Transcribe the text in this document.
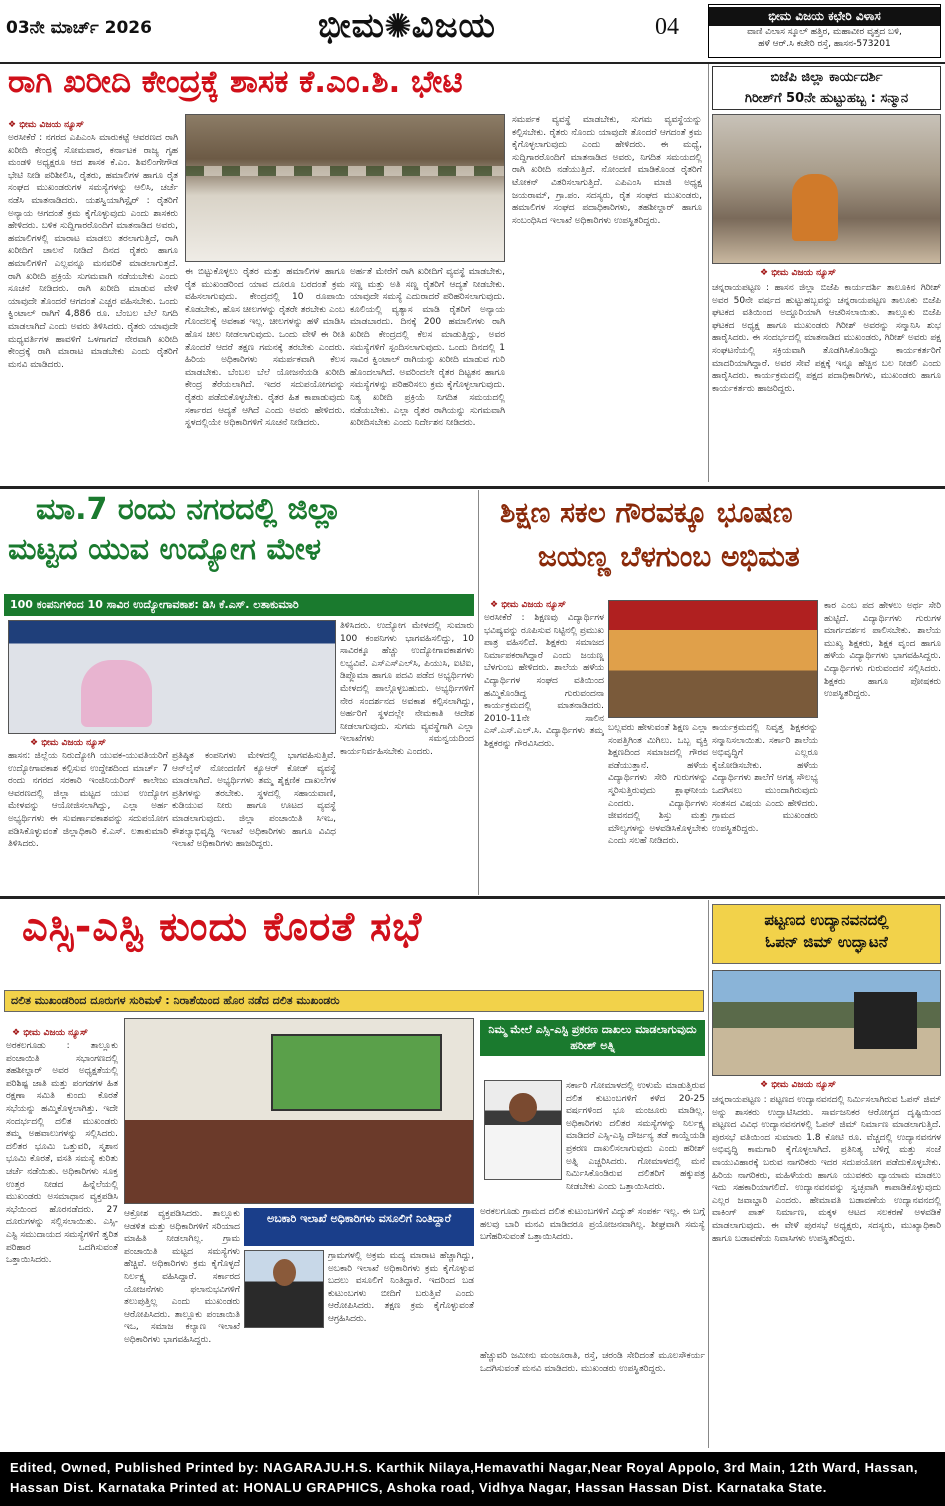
03ನೇ ಮಾರ್ಚ್ 2026	ಭೀಮ✺ವಿಜಯ	04	ಭೀಮ ವಿಜಯ ಕಛೇರಿ ವಿಳಾಸ
ವಾಣಿ ವಿಲಾಸ ಸ್ಕೂಲ್ ಹತ್ತಿರ, ಮಹಾವೀರ ವೃತ್ತದ ಬಳಿ,
ಹಳೆ ಆರ್.ಸಿ ಕಚೇರಿ ರಸ್ತೆ, ಹಾಸನ-573201
ರಾಗಿ ಖರೀದಿ ಕೇಂದ್ರಕ್ಕೆ ಶಾಸಕ ಕೆ.ಎಂ.ಶಿ. ಭೇಟಿ
❖ ಭೀಮ ವಿಜಯ ನ್ಯೂಸ್
ಅರಸೀಕೆರೆ : ನಗರದ ಎಪಿಎಂಸಿ ಮಾರುಕಟ್ಟೆ ಆವರಣದ ರಾಗಿ ಖರೀದಿ ಕೇಂದ್ರಕ್ಕೆ ಸೋಮವಾರ, ಕರ್ನಾಟಕ ರಾಜ್ಯ ಗೃಹ ಮಂಡಳಿ ಅಧ್ಯಕ್ಷರೂ ಆದ ಶಾಸಕ ಕೆ.ಎಂ. ಶಿವಲಿಂಗೇಗೌಡ ಭೇಟಿ ನೀಡಿ ಪರಿಶೀಲಿಸಿ, ರೈತರು, ಹಮಾಲಿಗಳ ಹಾಗೂ ರೈತ ಸಂಘದ ಮುಖಂಡರುಗಳ ಸಮಸ್ಯೆಗಳನ್ನು ಆಲಿಸಿ, ಚರ್ಚೆ ನಡೆಸಿ ಮಾತನಾಡಿದರು. ಯಶಸ್ವಿಯಾಗಿಸ್ಪೈರ್ : ರೈತರಿಗೆ ಅನ್ಯಾಯ ಆಗದಂತೆ ಕ್ರಮ ಕೈಗೊಳ್ಳುವುದು ಎಂದು ಶಾಸಕರು ಹೇಳಿದರು. ಬಳಿಕ ಸುದ್ದಿಗಾರರೊಂದಿಗೆ ಮಾತನಾಡಿದ ಅವರು, ಹಮಾಲಿಗಳಲ್ಲಿ ಮಾರಾಟ ಮಾಡಲು ತರಲಾಗುತ್ತಿದೆ, ರಾಗಿ ಖರೀದಿಗೆ ಚಾಲನೆ ನೀಡಿದೆ ದಿನದ ರೈತರು ಹಾಗೂ ಹಮಾಲಿಗಳಿಗೆ ಎಲ್ಲವನ್ನೂ ಮನವರಿಕೆ ಮಾಡಲಾಗುತ್ತದೆ. ರಾಗಿ ಖರೀದಿ ಪ್ರಕ್ರಿಯೆ ಸುಗಮವಾಗಿ ನಡೆಯಬೇಕು ಎಂದು ಸೂಚನೆ ನೀಡಿದರು. ರಾಗಿ ಖರೀದಿ ಮಾಡುವ ವೇಳೆ ಯಾವುದೇ ತೊಂದರೆ ಆಗದಂತೆ ಎಚ್ಚರ ವಹಿಸಬೇಕು. ಒಂದು ಕ್ವಿಂಟಾಲ್ ರಾಗಿಗೆ 4,886 ರೂ. ಬೆಂಬಲ ಬೆಲೆ ನಿಗದಿ ಮಾಡಲಾಗಿದೆ ಎಂದು ಅವರು ತಿಳಿಸಿದರು. ರೈತರು ಯಾವುದೇ ಮಧ್ಯವರ್ತಿಗಳ ಹಾವಳಿಗೆ ಒಳಗಾಗದೆ ನೇರವಾಗಿ ಖರೀದಿ ಕೇಂದ್ರಕ್ಕೆ ರಾಗಿ ಮಾರಾಟ ಮಾಡಬೇಕು ಎಂದು ರೈತರಿಗೆ ಮನವಿ ಮಾಡಿದರು.
ಸಮರ್ಪಕ ವ್ಯವಸ್ಥೆ ಮಾಡಬೇಕು, ಸುಗಮ ವ್ಯವಸ್ಥೆಯನ್ನು ಕಲ್ಪಿಸಬೇಕು. ರೈತರು ನೊಂದು ಯಾವುದೇ ತೊಂದರೆ ಆಗದಂತೆ ಕ್ರಮ ಕೈಗೊಳ್ಳಲಾಗುವುದು ಎಂದು ಹೇಳಿದರು. ಈ ಮಧ್ಯೆ, ಸುದ್ದಿಗಾರರೊಂದಿಗೆ ಮಾತನಾಡಿದ ಅವರು, ನಿಗದಿತ ಸಮಯದಲ್ಲಿ ರಾಗಿ ಖರೀದಿ ನಡೆಯುತ್ತಿದೆ. ನೋಂದಣಿ ಮಾಡಿಕೊಂಡ ರೈತರಿಗೆ ಟೋಕನ್ ವಿತರಿಸಲಾಗುತ್ತಿದೆ. ಎಪಿಎಂಸಿ ಮಾಜಿ ಅಧ್ಯಕ್ಷ ಜಯರಾಮ್, ಗ್ರಾ.ಪಂ. ಸದಸ್ಯರು, ರೈತ ಸಂಘದ ಮುಖಂಡರು, ಹಮಾಲಿಗಳ ಸಂಘದ ಪದಾಧಿಕಾರಿಗಳು, ತಹಶೀಲ್ದಾರ್ ಹಾಗೂ ಸಂಬಂಧಿಸಿದ ಇಲಾಖೆ ಅಧಿಕಾರಿಗಳು ಉಪಸ್ಥಿತರಿದ್ದರು.
ಈ ಬಿಟ್ಟುಕೊಳ್ಳಲು ರೈತರ ಮತ್ತು ಹಮಾಲಿಗಳ ಹಾಗೂ ರೈತ ಮುಖಂಡರಿಂದ ಯಾವ ದೂರೂ ಬರದಂತೆ ಕ್ರಮ ವಹಿಸಲಾಗುವುದು. ಕೇಂದ್ರದಲ್ಲಿ 10 ರೂಪಾಯಿ ಕೊಡಬೇಕು, ಹೊಸ ಚೀಲಗಳನ್ನು ರೈತರೇ ತರಬೇಕು ಎಂಬ ಗೊಂದಲಕ್ಕೆ ಅವಕಾಶ ಇಲ್ಲ. ಚೀಲಗಳನ್ನು ಹಳೆ ಮಾಡಿಸಿ ಹೊಸ ಚೀಲ ನೀಡಲಾಗುವುದು. ಒಂದು ವೇಳೆ ಈ ರೀತಿ ತೊಂದರೆ ಆದರೆ ತಕ್ಷಣ ಗಮನಕ್ಕೆ ತರಬೇಕು ಎಂದರು. ಹಿರಿಯ ಅಧಿಕಾರಿಗಳು ಸಮರ್ಪಕವಾಗಿ ಕೆಲಸ ಮಾಡಬೇಕು. ಬೆಂಬಲ ಬೆಲೆ ಯೋಜನೆಯಡಿ ಖರೀದಿ ಕೇಂದ್ರ ತೆರೆಯಲಾಗಿದೆ. ಇದರ ಸದುಪಯೋಗವನ್ನು ರೈತರು ಪಡೆದುಕೊಳ್ಳಬೇಕು. ರೈತರ ಹಿತ ಕಾಪಾಡುವುದು ಸರ್ಕಾರದ ಆದ್ಯತೆ ಆಗಿದೆ ಎಂದು ಅವರು ಹೇಳಿದರು. ಸ್ಥಳದಲ್ಲಿಯೇ ಅಧಿಕಾರಿಗಳಿಗೆ ಸೂಚನೆ ನೀಡಿದರು.
ಅರ್ಹತೆ ಮೇರೆಗೆ ರಾಗಿ ಖರೀದಿಗೆ ವ್ಯವಸ್ಥೆ ಮಾಡಬೇಕು, ಸಣ್ಣ ಮತ್ತು ಅತಿ ಸಣ್ಣ ರೈತರಿಗೆ ಆದ್ಯತೆ ನೀಡಬೇಕು. ಯಾವುದೇ ಸಮಸ್ಯೆ ಎದುರಾದರೆ ಪರಿಹರಿಸಲಾಗುವುದು. ಕೂಲಿಯಲ್ಲಿ ವ್ಯತ್ಯಾಸ ಮಾಡಿ ರೈತರಿಗೆ ಅನ್ಯಾಯ ಮಾಡಬಾರದು. ದಿನಕ್ಕೆ 200 ಹಮಾಲಿಗಳು ರಾಗಿ ಖರೀದಿ ಕೇಂದ್ರದಲ್ಲಿ ಕೆಲಸ ಮಾಡುತ್ತಿದ್ದು, ಅವರ ಸಮಸ್ಯೆಗಳಿಗೆ ಸ್ಪಂದಿಸಲಾಗುವುದು. ಒಂದು ದಿನದಲ್ಲಿ 1 ಸಾವಿರ ಕ್ವಿಂಟಾಲ್ ರಾಗಿಯನ್ನು ಖರೀದಿ ಮಾಡುವ ಗುರಿ ಹೊಂದಲಾಗಿದೆ. ಅವರಿಂದಲೇ ರೈತರ ದಿಟ್ಟತನ ಹಾಗೂ ಸಮಸ್ಯೆಗಳನ್ನು ಪರಿಹರಿಸಲು ಕ್ರಮ ಕೈಗೊಳ್ಳಲಾಗುವುದು. ನಿತ್ಯ ಖರೀದಿ ಪ್ರಕ್ರಿಯೆ ನಿಗದಿತ ಸಮಯದಲ್ಲಿ ನಡೆಯಬೇಕು. ಎಲ್ಲಾ ರೈತರ ರಾಗಿಯನ್ನು ಸುಗಮವಾಗಿ ಖರೀದಿಸಬೇಕು ಎಂದು ನಿರ್ದೇಶನ ನೀಡಿದರು.
ಬಿಜೆಪಿ ಜಿಲ್ಲಾ ಕಾರ್ಯದರ್ಶಿ
ಗಿರೀಶ್‌ಗೆ 50ನೇ ಹುಟ್ಟುಹಬ್ಬ : ಸನ್ಮಾನ
❖ ಭೀಮ ವಿಜಯ ನ್ಯೂಸ್
ಚನ್ನರಾಯಪಟ್ಟಣ : ಹಾಸನ ಜಿಲ್ಲಾ ಬಿಜೆಪಿ ಕಾರ್ಯದರ್ಶಿ ತಾಲೂಕಿನ ಗಿರೀಶ್ ಅವರ 50ನೇ ವರ್ಷದ ಹುಟ್ಟುಹಬ್ಬವನ್ನು ಚನ್ನರಾಯಪಟ್ಟಣ ತಾಲೂಕು ಬಿಜೆಪಿ ಘಟಕದ ವತಿಯಿಂದ ಅದ್ದೂರಿಯಾಗಿ ಆಚರಿಸಲಾಯಿತು. ತಾಲ್ಲೂಕು ಬಿಜೆಪಿ ಘಟಕದ ಅಧ್ಯಕ್ಷ ಹಾಗೂ ಮುಖಂಡರು ಗಿರೀಶ್ ಅವರನ್ನು ಸನ್ಮಾನಿಸಿ ಶುಭ ಹಾರೈಸಿದರು. ಈ ಸಂದರ್ಭದಲ್ಲಿ ಮಾತನಾಡಿದ ಮುಖಂಡರು, ಗಿರೀಶ್ ಅವರು ಪಕ್ಷ ಸಂಘಟನೆಯಲ್ಲಿ ಸಕ್ರಿಯವಾಗಿ ತೊಡಗಿಸಿಕೊಂಡಿದ್ದು ಕಾರ್ಯಕರ್ತರಿಗೆ ಮಾದರಿಯಾಗಿದ್ದಾರೆ. ಅವರ ಸೇವೆ ಪಕ್ಷಕ್ಕೆ ಇನ್ನೂ ಹೆಚ್ಚಿನ ಬಲ ನೀಡಲಿ ಎಂದು ಹಾರೈಸಿದರು. ಕಾರ್ಯಕ್ರಮದಲ್ಲಿ ಪಕ್ಷದ ಪದಾಧಿಕಾರಿಗಳು, ಮುಖಂಡರು ಹಾಗೂ ಕಾರ್ಯಕರ್ತರು ಹಾಜರಿದ್ದರು.
ಮಾ.7 ರಂದು ನಗರದಲ್ಲಿ ಜಿಲ್ಲಾ
ಮಟ್ಟದ ಯುವ ಉದ್ಯೋಗ ಮೇಳ
100 ಕಂಪನಿಗಳಿಂದ 10 ಸಾವಿರ ಉದ್ಯೋಗಾವಕಾಶ: ಡಿಸಿ ಕೆ.ಎಸ್. ಲತಾಕುಮಾರಿ
❖ ಭೀಮ ವಿಜಯ ನ್ಯೂಸ್
ಹಾಸನ: ಜಿಲ್ಲೆಯ ನಿರುದ್ಯೋಗಿ ಯುವಕ-ಯುವತಿಯರಿಗೆ ಉದ್ಯೋಗಾವಕಾಶ ಕಲ್ಪಿಸುವ ಉದ್ದೇಶದಿಂದ ಮಾರ್ಚ್ 7 ರಂದು ನಗರದ ಸರಕಾರಿ ಇಂಜಿನಿಯರಿಂಗ್ ಕಾಲೇಜು ಆವರಣದಲ್ಲಿ ಜಿಲ್ಲಾ ಮಟ್ಟದ ಯುವ ಉದ್ಯೋಗ ಮೇಳವನ್ನು ಆಯೋಜಿಸಲಾಗಿದ್ದು, ಎಲ್ಲಾ ಅರ್ಹ ಅಭ್ಯರ್ಥಿಗಳು ಈ ಸುವರ್ಣಾವಕಾಶವನ್ನು ಸದುಪಯೋಗ ಪಡಿಸಿಕೊಳ್ಳುವಂತೆ ಜಿಲ್ಲಾಧಿಕಾರಿ ಕೆ.ಎಸ್. ಲತಾಕುಮಾರಿ ತಿಳಿಸಿದರು.
ಪ್ರತಿಷ್ಠಿತ ಕಂಪನಿಗಳು ಮೇಳದಲ್ಲಿ ಭಾಗವಹಿಸುತ್ತಿವೆ. ಆನ್‌ಲೈನ್ ನೋಂದಣಿಗೆ ಕ್ಯೂಆರ್ ಕೋಡ್ ವ್ಯವಸ್ಥೆ ಮಾಡಲಾಗಿದೆ. ಅಭ್ಯರ್ಥಿಗಳು ತಮ್ಮ ಶೈಕ್ಷಣಿಕ ದಾಖಲೆಗಳ ಪ್ರತಿಗಳನ್ನು ತರಬೇಕು. ಸ್ಥಳದಲ್ಲಿ ಸಹಾಯವಾಣಿ, ಕುಡಿಯುವ ನೀರು ಹಾಗೂ ಊಟದ ವ್ಯವಸ್ಥೆ ಮಾಡಲಾಗುವುದು. ಜಿಲ್ಲಾ ಪಂಚಾಯಿತಿ ಸಿಇಒ, ಕೌಶಲ್ಯಾಭಿವೃದ್ಧಿ ಇಲಾಖೆ ಅಧಿಕಾರಿಗಳು ಹಾಗೂ ವಿವಿಧ ಇಲಾಖೆ ಅಧಿಕಾರಿಗಳು ಹಾಜರಿದ್ದರು.
ತಿಳಿಸಿದರು. ಉದ್ಯೋಗ ಮೇಳದಲ್ಲಿ ಸುಮಾರು 100 ಕಂಪನಿಗಳು ಭಾಗವಹಿಸಲಿದ್ದು, 10 ಸಾವಿರಕ್ಕೂ ಹೆಚ್ಚು ಉದ್ಯೋಗಾವಕಾಶಗಳು ಲಭ್ಯವಿವೆ. ಎಸ್ಎಸ್ಎಲ್‌ಸಿ, ಪಿಯುಸಿ, ಐಟಿಐ, ಡಿಪ್ಲೊಮಾ ಹಾಗೂ ಪದವಿ ಪಡೆದ ಅಭ್ಯರ್ಥಿಗಳು ಮೇಳದಲ್ಲಿ ಪಾಲ್ಗೊಳ್ಳಬಹುದು. ಅಭ್ಯರ್ಥಿಗಳಿಗೆ ನೇರ ಸಂದರ್ಶನದ ಅವಕಾಶ ಕಲ್ಪಿಸಲಾಗಿದ್ದು, ಅರ್ಹರಿಗೆ ಸ್ಥಳದಲ್ಲೇ ನೇಮಕಾತಿ ಆದೇಶ ನೀಡಲಾಗುವುದು. ಸುಗಮ ವ್ಯವಸ್ಥೆಗಾಗಿ ಎಲ್ಲಾ ಇಲಾಖೆಗಳು ಸಮನ್ವಯದಿಂದ ಕಾರ್ಯನಿರ್ವಹಿಸಬೇಕು ಎಂದರು.
ಶಿಕ್ಷಣ ಸಕಲ ಗೌರವಕ್ಕೂ ಭೂಷಣ
ಜಯಣ್ಣ ಬೆಳಗುಂಬ ಅಭಿಮತ
❖ ಭೀಮ ವಿಜಯ ನ್ಯೂಸ್
ಅರಸೀಕೆರೆ : ಶಿಕ್ಷಣವು ವಿದ್ಯಾರ್ಥಿಗಳ ಭವಿಷ್ಯವನ್ನು ರೂಪಿಸುವ ನಿಟ್ಟಿನಲ್ಲಿ ಪ್ರಮುಖ ಪಾತ್ರ ವಹಿಸಲಿದೆ. ಶಿಕ್ಷಕರು ಸಮಾಜದ ನಿರ್ಮಾಪಕರಾಗಿದ್ದಾರೆ ಎಂದು ಜಯಣ್ಣ ಬೆಳಗುಂಬ ಹೇಳಿದರು. ಶಾಲೆಯ ಹಳೆಯ ವಿದ್ಯಾರ್ಥಿಗಳ ಸಂಘದ ವತಿಯಿಂದ ಹಮ್ಮಿಕೊಂಡಿದ್ದ ಗುರುವಂದನಾ ಕಾರ್ಯಕ್ರಮದಲ್ಲಿ ಮಾತನಾಡಿದರು. 2010-11ನೇ ಸಾಲಿನ ಎಸ್.ಎಸ್.ಎಲ್.ಸಿ. ವಿದ್ಯಾರ್ಥಿಗಳು ತಮ್ಮ ಶಿಕ್ಷಕರನ್ನು ಗೌರವಿಸಿದರು.
ಬಲ್ಲವರು ಹೇಳುವಂತೆ ಶಿಕ್ಷಣ ಎಲ್ಲಾ ಸಂಪತ್ತಿಗಿಂತ ಮಿಗಿಲು. ಒಬ್ಬ ವ್ಯಕ್ತಿ ಶಿಕ್ಷಣದಿಂದ ಸಮಾಜದಲ್ಲಿ ಗೌರವ ಪಡೆಯುತ್ತಾನೆ. ಹಳೆಯ ವಿದ್ಯಾರ್ಥಿಗಳು ಸೇರಿ ಗುರುಗಳನ್ನು ಸ್ಮರಿಸುತ್ತಿರುವುದು ಶ್ಲಾಘನೀಯ ಎಂದರು. ವಿದ್ಯಾರ್ಥಿಗಳು ಜೀವನದಲ್ಲಿ ಶಿಸ್ತು ಮತ್ತು ಮೌಲ್ಯಗಳನ್ನು ಅಳವಡಿಸಿಕೊಳ್ಳಬೇಕು ಎಂದು ಸಲಹೆ ನೀಡಿದರು.
ಕಾರ್ಯಕ್ರಮದಲ್ಲಿ ನಿವೃತ್ತ ಶಿಕ್ಷಕರನ್ನು ಸನ್ಮಾನಿಸಲಾಯಿತು. ಸರ್ಕಾರಿ ಶಾಲೆಯ ಅಭಿವೃದ್ಧಿಗೆ ಎಲ್ಲರೂ ಕೈಜೋಡಿಸಬೇಕು. ಹಳೆಯ ವಿದ್ಯಾರ್ಥಿಗಳು ಶಾಲೆಗೆ ಅಗತ್ಯ ಸೌಲಭ್ಯ ಒದಗಿಸಲು ಮುಂದಾಗಿರುವುದು ಸಂತಸದ ವಿಷಯ ಎಂದು ಹೇಳಿದರು. ಗ್ರಾಮದ ಮುಖಂಡರು ಉಪಸ್ಥಿತರಿದ್ದರು.
ಕಾರ ಎಂಬ ಪದ ಹೇಳಲು ಅರ್ಥ ಸೇರಿ ಹುಟ್ಟಿದೆ. ವಿದ್ಯಾರ್ಥಿಗಳು ಗುರುಗಳ ಮಾರ್ಗದರ್ಶನ ಪಾಲಿಸಬೇಕು. ಶಾಲೆಯ ಮುಖ್ಯ ಶಿಕ್ಷಕರು, ಶಿಕ್ಷಕ ವೃಂದ ಹಾಗೂ ಹಳೆಯ ವಿದ್ಯಾರ್ಥಿಗಳು ಭಾಗವಹಿಸಿದ್ದರು. ವಿದ್ಯಾರ್ಥಿಗಳು ಗುರುವಂದನೆ ಸಲ್ಲಿಸಿದರು. ಶಿಕ್ಷಕರು ಹಾಗೂ ಪೋಷಕರು ಉಪಸ್ಥಿತರಿದ್ದರು.
ಎಸ್ಸಿ-ಎಸ್ಟಿ ಕುಂದು ಕೊರತೆ ಸಭೆ
ದಲಿತ ಮುಖಂಡರಿಂದ ದೂರುಗಳ ಸುರಿಮಳೆ : ನಿರಾಶೆಯಿಂದ ಹೊರ ನಡೆದ ದಲಿತ ಮುಖಂಡರು
❖ ಭೀಮ ವಿಜಯ ನ್ಯೂಸ್
ಅರಕಲಗೂಡು : ತಾಲ್ಲೂಕು ಪಂಚಾಯಿತಿ ಸಭಾಂಗಣದಲ್ಲಿ ತಹಶೀಲ್ದಾರ್ ಅವರ ಅಧ್ಯಕ್ಷತೆಯಲ್ಲಿ ಪರಿಶಿಷ್ಟ ಜಾತಿ ಮತ್ತು ಪಂಗಡಗಳ ಹಿತ ರಕ್ಷಣಾ ಸಮಿತಿ ಕುಂದು ಕೊರತೆ ಸಭೆಯನ್ನು ಹಮ್ಮಿಕೊಳ್ಳಲಾಗಿತ್ತು. ಇದೇ ಸಂದರ್ಭದಲ್ಲಿ ದಲಿತ ಮುಖಂಡರು ತಮ್ಮ ಅಹವಾಲುಗಳನ್ನು ಸಲ್ಲಿಸಿದರು. ದಲಿತರ ಭೂಮಿ ಒತ್ತುವರಿ, ಸ್ಮಶಾನ ಭೂಮಿ ಕೊರತೆ, ವಸತಿ ಸಮಸ್ಯೆ ಕುರಿತು ಚರ್ಚೆ ನಡೆಯಿತು. ಅಧಿಕಾರಿಗಳು ಸೂಕ್ತ ಉತ್ತರ ನೀಡದ ಹಿನ್ನೆಲೆಯಲ್ಲಿ ಮುಖಂಡರು ಅಸಮಾಧಾನ ವ್ಯಕ್ತಪಡಿಸಿ ಸಭೆಯಿಂದ ಹೊರನಡೆದರು. 27 ದೂರುಗಳನ್ನು ಸಲ್ಲಿಸಲಾಯಿತು. ಎಸ್ಸಿ-ಎಸ್ಟಿ ಸಮುದಾಯದ ಸಮಸ್ಯೆಗಳಿಗೆ ತ್ವರಿತ ಪರಿಹಾರ ಒದಗಿಸುವಂತೆ ಒತ್ತಾಯಿಸಿದರು.
ಆಕ್ರೋಶ ವ್ಯಕ್ತಪಡಿಸಿದರು. ತಾಲ್ಲೂಕು ಆಡಳಿತ ಮತ್ತು ಅಧಿಕಾರಿಗಳಿಗೆ ಸರಿಯಾದ ಮಾಹಿತಿ ನೀಡಲಾಗಿಲ್ಲ. ಗ್ರಾಮ ಪಂಚಾಯಿತಿ ಮಟ್ಟದ ಸಮಸ್ಯೆಗಳು ಹೆಚ್ಚಿವೆ. ಅಧಿಕಾರಿಗಳು ಕ್ರಮ ಕೈಗೊಳ್ಳದೆ ನಿರ್ಲಕ್ಷ್ಯ ವಹಿಸಿದ್ದಾರೆ. ಸರ್ಕಾರದ ಯೋಜನೆಗಳು ಫಲಾನುಭವಿಗಳಿಗೆ ತಲುಪುತ್ತಿಲ್ಲ ಎಂದು ಮುಖಂಡರು ಆರೋಪಿಸಿದರು. ತಾಲ್ಲೂಕು ಪಂಚಾಯಿತಿ ಇಒ, ಸಮಾಜ ಕಲ್ಯಾಣ ಇಲಾಖೆ ಅಧಿಕಾರಿಗಳು ಭಾಗವಹಿಸಿದ್ದರು.
ನಿಮ್ಮ ಮೇಲೆ ಎಸ್ಸಿ-ಎಸ್ಟಿ ಪ್ರಕರಣ ದಾಖಲು ಮಾಡಲಾಗುವುದು ಹರೀಶ್ ಅತ್ನಿ
ಸರ್ಕಾರಿ ಗೋಮಾಳದಲ್ಲಿ ಉಳುಮೆ ಮಾಡುತ್ತಿರುವ ದಲಿತ ಕುಟುಂಬಗಳಿಗೆ ಕಳೆದ 20-25 ವರ್ಷಗಳಿಂದ ಭೂ ಮಂಜೂರು ಮಾಡಿಲ್ಲ. ಅಧಿಕಾರಿಗಳು ದಲಿತರ ಸಮಸ್ಯೆಗಳನ್ನು ನಿರ್ಲಕ್ಷ್ಯ ಮಾಡಿದರೆ ಎಸ್ಸಿ-ಎಸ್ಟಿ ದೌರ್ಜನ್ಯ ತಡೆ ಕಾಯ್ದೆಯಡಿ ಪ್ರಕರಣ ದಾಖಲಿಸಲಾಗುವುದು ಎಂದು ಹರೀಶ್ ಅತ್ನಿ ಎಚ್ಚರಿಸಿದರು. ಗೋಮಾಳದಲ್ಲಿ ಮನೆ ನಿರ್ಮಿಸಿಕೊಂಡಿರುವ ದಲಿತರಿಗೆ ಹಕ್ಕುಪತ್ರ ನೀಡಬೇಕು ಎಂದು ಒತ್ತಾಯಿಸಿದರು.
ಅಬಕಾರಿ ಇಲಾಖೆ ಅಧಿಕಾರಿಗಳು ವಸೂಲಿಗೆ ನಿಂತಿದ್ದಾರೆ
ಗ್ರಾಮಗಳಲ್ಲಿ ಅಕ್ರಮ ಮದ್ಯ ಮಾರಾಟ ಹೆಚ್ಚಾಗಿದ್ದು, ಅಬಕಾರಿ ಇಲಾಖೆ ಅಧಿಕಾರಿಗಳು ಕ್ರಮ ಕೈಗೊಳ್ಳುವ ಬದಲು ವಸೂಲಿಗೆ ನಿಂತಿದ್ದಾರೆ. ಇದರಿಂದ ಬಡ ಕುಟುಂಬಗಳು ಬೀದಿಗೆ ಬರುತ್ತಿವೆ ಎಂದು ಆರೋಪಿಸಿದರು. ತಕ್ಷಣ ಕ್ರಮ ಕೈಗೊಳ್ಳುವಂತೆ ಆಗ್ರಹಿಸಿದರು.
ಅರಕಲಗೂಡು ಗ್ರಾಮದ ದಲಿತ ಕುಟುಂಬಗಳಿಗೆ ವಿದ್ಯುತ್ ಸಂಪರ್ಕ ಇಲ್ಲ. ಈ ಬಗ್ಗೆ ಹಲವು ಬಾರಿ ಮನವಿ ಮಾಡಿದರೂ ಪ್ರಯೋಜನವಾಗಿಲ್ಲ. ಶೀಘ್ರವಾಗಿ ಸಮಸ್ಯೆ ಬಗೆಹರಿಸುವಂತೆ ಒತ್ತಾಯಿಸಿದರು.
ಹೆಚ್ಚುವರಿ ಜಮೀನು ಮಂಜೂರಾತಿ, ರಸ್ತೆ, ಚರಂಡಿ ಸೇರಿದಂತೆ ಮೂಲಸೌಕರ್ಯ ಒದಗಿಸುವಂತೆ ಮನವಿ ಮಾಡಿದರು. ಮುಖಂಡರು ಉಪಸ್ಥಿತರಿದ್ದರು.
ಪಟ್ಟಣದ ಉದ್ಯಾನವನದಲ್ಲಿ
ಓಪನ್ ಜಿಮ್ ಉದ್ಘಾಟನೆ
❖ ಭೀಮ ವಿಜಯ ನ್ಯೂಸ್
ಚನ್ನರಾಯಪಟ್ಟಣ : ಪಟ್ಟಣದ ಉದ್ಯಾನವನದಲ್ಲಿ ನಿರ್ಮಿಸಲಾಗಿರುವ ಓಪನ್ ಜಿಮ್ ಅನ್ನು ಶಾಸಕರು ಉದ್ಘಾಟಿಸಿದರು. ಸಾರ್ವಜನಿಕರ ಆರೋಗ್ಯದ ದೃಷ್ಟಿಯಿಂದ ಪಟ್ಟಣದ ವಿವಿಧ ಉದ್ಯಾನವನಗಳಲ್ಲಿ ಓಪನ್ ಜಿಮ್ ನಿರ್ಮಾಣ ಮಾಡಲಾಗುತ್ತಿದೆ. ಪುರಸಭೆ ವತಿಯಿಂದ ಸುಮಾರು 1.8 ಕೋಟಿ ರೂ. ವೆಚ್ಚದಲ್ಲಿ ಉದ್ಯಾನವನಗಳ ಅಭಿವೃದ್ಧಿ ಕಾಮಗಾರಿ ಕೈಗೊಳ್ಳಲಾಗಿದೆ. ಪ್ರತಿನಿತ್ಯ ಬೆಳಿಗ್ಗೆ ಮತ್ತು ಸಂಜೆ ವಾಯುವಿಹಾರಕ್ಕೆ ಬರುವ ನಾಗರಿಕರು ಇದರ ಸದುಪಯೋಗ ಪಡೆದುಕೊಳ್ಳಬೇಕು. ಹಿರಿಯ ನಾಗರಿಕರು, ಮಹಿಳೆಯರು ಹಾಗೂ ಯುವಕರು ವ್ಯಾಯಾಮ ಮಾಡಲು ಇದು ಸಹಕಾರಿಯಾಗಲಿದೆ. ಉದ್ಯಾನವನವನ್ನು ಸ್ವಚ್ಛವಾಗಿ ಕಾಪಾಡಿಕೊಳ್ಳುವುದು ಎಲ್ಲರ ಜವಾಬ್ದಾರಿ ಎಂದರು. ಹೇಮಾವತಿ ಬಡಾವಣೆಯ ಉದ್ಯಾನವನದಲ್ಲಿ ವಾಕಿಂಗ್ ಪಾತ್ ನಿರ್ಮಾಣ, ಮಕ್ಕಳ ಆಟದ ಸಲಕರಣೆ ಅಳವಡಿಕೆ ಮಾಡಲಾಗುವುದು. ಈ ವೇಳೆ ಪುರಸಭೆ ಅಧ್ಯಕ್ಷರು, ಸದಸ್ಯರು, ಮುಖ್ಯಾಧಿಕಾರಿ ಹಾಗೂ ಬಡಾವಣೆಯ ನಿವಾಸಿಗಳು ಉಪಸ್ಥಿತರಿದ್ದರು.
Edited, Owned, Published Printed by: NAGARAJU.H.S. Karthik Nilaya,Hemavathi Nagar,Near Royal Appolo, 3rd Main, 12th Ward, Hassan,
Hassan Dist. Karnataka Printed at: HONALU GRAPHICS, Ashoka road, Vidhya Nagar, Hassan Hassan Dist. Karnataka State.
